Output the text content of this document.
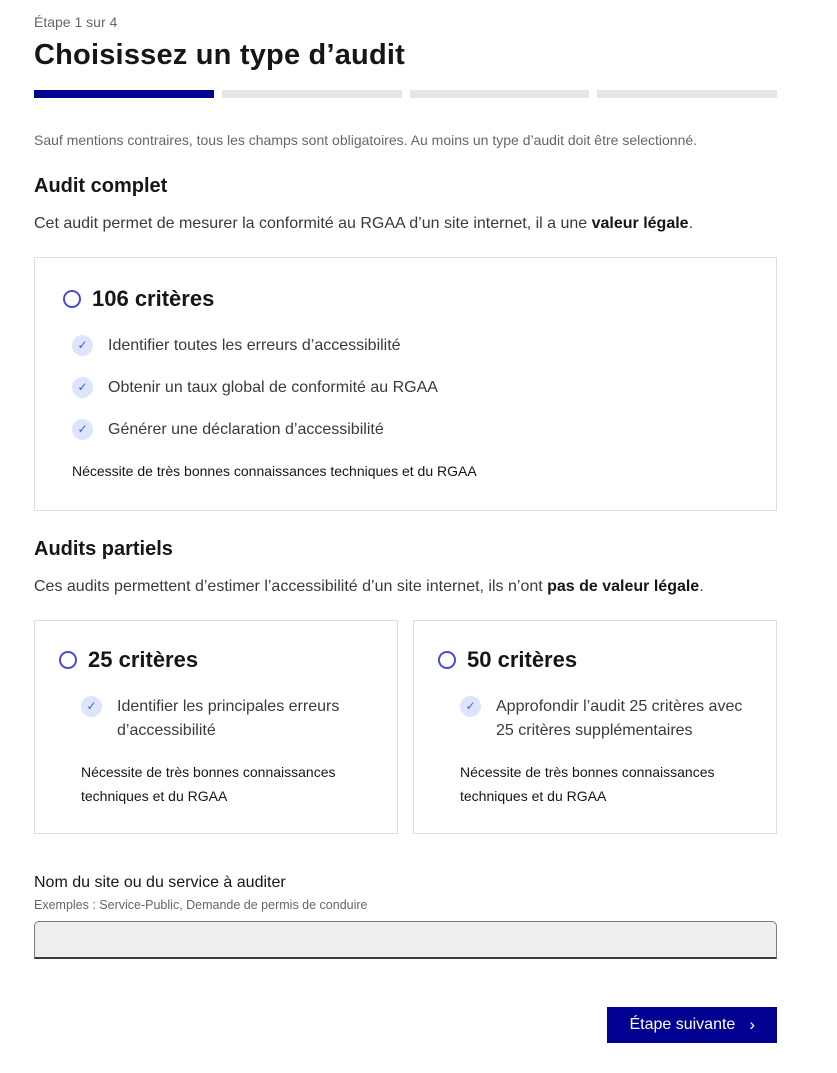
Étape 1 sur 4

Choisissez un type d’audit

Sauf mentions contraires, tous les champs sont obligatoires. Au moins un type d’audit doit être selectionné.

Audit complet

Cet audit permet de mesurer la conformité au RGAA d’un site internet, il a une valeur légale.

106 critères
✓	Identifier toutes les erreurs d’accessibilité
✓	Obtenir un taux global de conformité au RGAA
✓	Générer une déclaration d’accessibilité

Nécessite de très bonnes connaissances techniques et du RGAA

Audits partiels

Ces audits permettent d’estimer l’accessibilité d’un site internet, ils n’ont pas de valeur légale.

25 critères
✓	Identifier les principales erreurs d’accessibilité

Nécessite de très bonnes connaissances techniques et du RGAA

50 critères
✓	Approfondir l’audit 25 critères avec 25 critères supplémentaires

Nécessite de très bonnes connaissances techniques et du RGAA

Nom du site ou du service à auditer

Exemples : Service-Public, Demande de permis de conduire

Étape suivante ›
